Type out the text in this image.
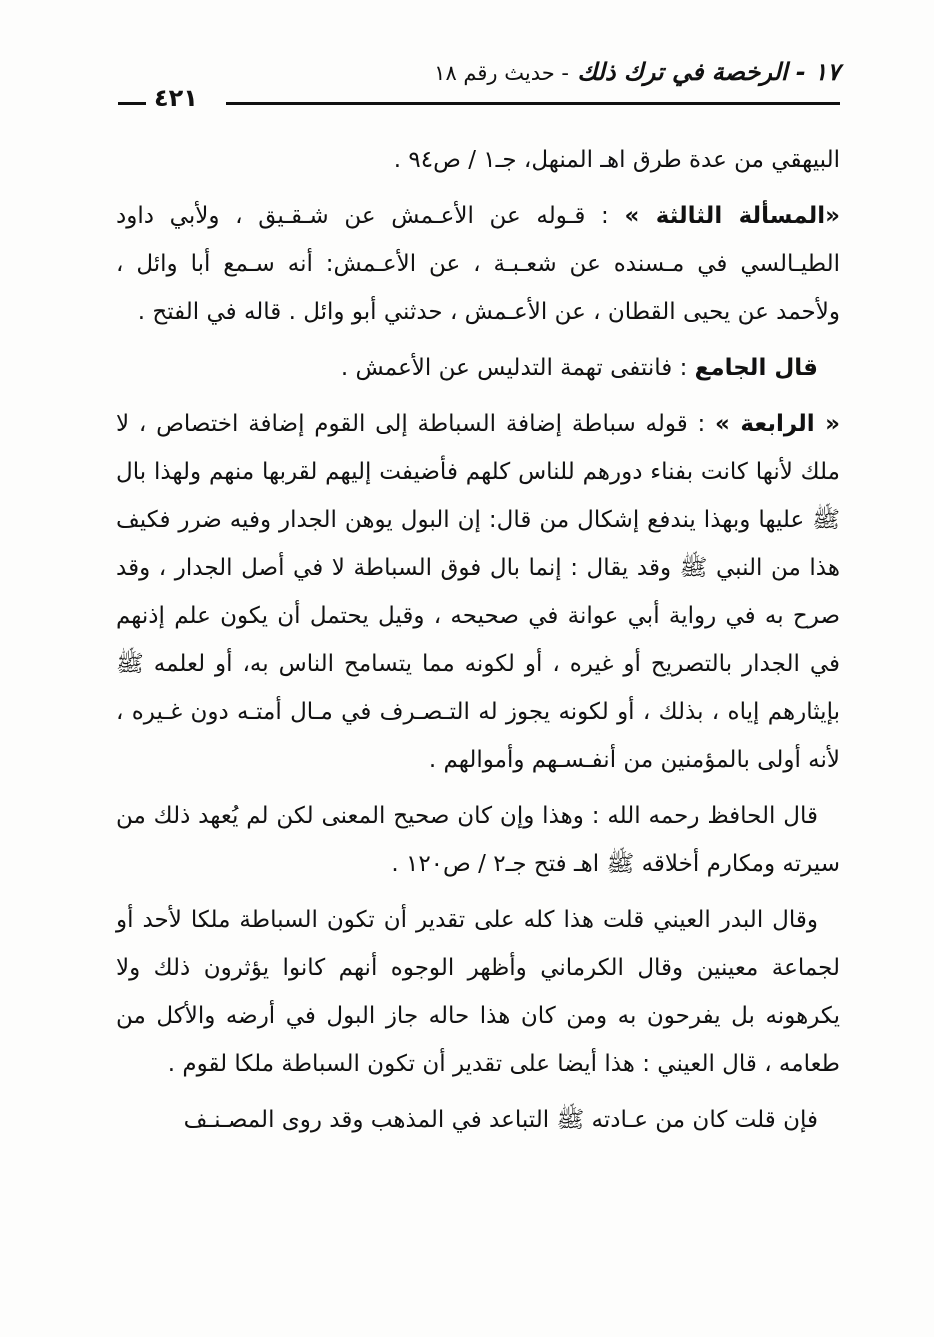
١٧ - الرخصة في ترك ذلك - حديث رقم ١٨
٤٢١

البيهقي من عدة طرق اهـ المنهل، جـ١ / ص٩٤ .

«المسألة الثالثة » : قـوله عن الأعـمش عن شـقـيق ، ولأبي داود الطيـالسي في مـسنده عن شعـبـة ، عن الأعـمش: أنه سـمع أبا وائل ، ولأحمد عن يحيى القطان ، عن الأعـمش ، حدثني أبو وائل . قاله في الفتح .

قال الجامع : فانتفى تهمة التدليس عن الأعمش .

« الرابعة » : قوله سباطة إضافة السباطة إلى القوم إضافة اختصاص ، لا ملك لأنها كانت بفناء دورهم للناس كلهم فأضيفت إليهم لقربها منهم ولهذا بال ﷺ عليها وبهذا يندفع إشكال من قال: إن البول يوهن الجدار وفيه ضرر فكيف هذا من النبي ﷺ وقد يقال : إنما بال فوق السباطة لا في أصل الجدار ، وقد صرح به في رواية أبي عوانة في صحيحه ، وقيل يحتمل أن يكون علم إذنهم في الجدار بالتصريح أو غيره ، أو لكونه مما يتسامح الناس به، أو لعلمه ﷺ بإيثارهم إياه ، بذلك ، أو لكونه يجوز له التـصـرف في مـال أمتـه دون غـيره ، لأنه أولى بالمؤمنين من أنفـسـهم وأموالهم .

قال الحافظ رحمه الله : وهذا وإن كان صحيح المعنى لكن لم يُعهد ذلك من سيرته ومكارم أخلاقه ﷺ اهـ فتح جـ٢ / ص١٢٠ .

وقال البدر العيني قلت هذا كله على تقدير أن تكون السباطة ملكا لأحد أو لجماعة معينين وقال الكرماني وأظهر الوجوه أنهم كانوا يؤثرون ذلك ولا يكرهونه بل يفرحون به ومن كان هذا حاله جاز البول في أرضه والأكل من طعامه ، قال العيني : هذا أيضا على تقدير أن تكون السباطة ملكا لقوم .

فإن قلت كان من عـادته ﷺ التباعد في المذهب وقد روى المصـنـف
